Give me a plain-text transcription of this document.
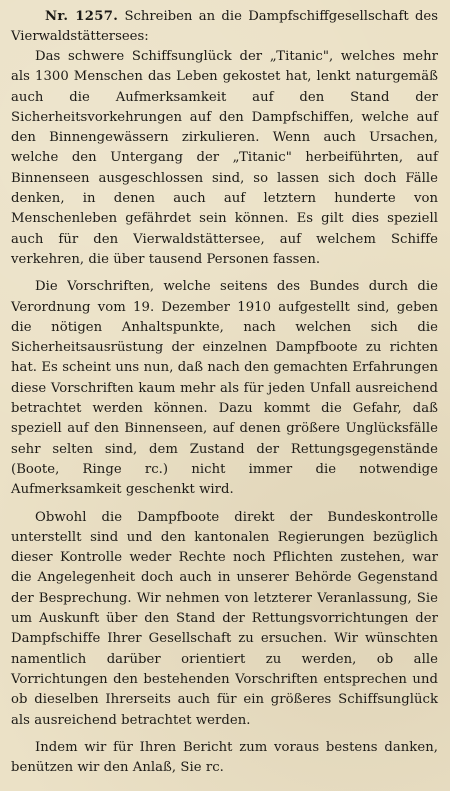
Nr. 1257. Schreiben an die Dampfschiffgesellschaft des Vierwaldstättersees:

Das schwere Schiffsunglück der „Titanic", welches mehr als 1300 Menschen das Leben gekostet hat, lenkt naturgemäß auch die Aufmerksamkeit auf den Stand der Sicherheitsvorkehrungen auf den Dampfschiffen, welche auf den Binnengewässern zirkulieren. Wenn auch Ursachen, welche den Untergang der „Titanic" herbeiführten, auf Binnenseen ausgeschlossen sind, so lassen sich doch Fälle denken, in denen auch auf letztern hunderte von Menschenleben gefährdet sein können. Es gilt dies speziell auch für den Vierwaldstättersee, auf welchem Schiffe verkehren, die über tausend Personen fassen.

Die Vorschriften, welche seitens des Bundes durch die Verordnung vom 19. Dezember 1910 aufgestellt sind, geben die nötigen Anhaltspunkte, nach welchen sich die Sicherheitsausrüstung der einzelnen Dampfboote zu richten hat. Es scheint uns nun, daß nach den gemachten Erfahrungen diese Vorschriften kaum mehr als für jeden Unfall ausreichend betrachtet werden können. Dazu kommt die Gefahr, daß speziell auf den Binnenseen, auf denen größere Unglücksfälle sehr selten sind, dem Zustand der Rettungsgegenstände (Boote, Ringe rc.) nicht immer die notwendige Aufmerksamkeit geschenkt wird.

Obwohl die Dampfboote direkt der Bundeskontrolle unterstellt sind und den kantonalen Regierungen bezüglich dieser Kontrolle weder Rechte noch Pflichten zustehen, war die Angelegenheit doch auch in unserer Behörde Gegenstand der Besprechung. Wir nehmen von letzterer Veranlassung, Sie um Auskunft über den Stand der Rettungsvorrichtungen der Dampfschiffe Ihrer Gesellschaft zu ersuchen. Wir wünschten namentlich darüber orientiert zu werden, ob alle Vorrichtungen den bestehenden Vorschriften entsprechen und ob dieselben Ihrerseits auch für ein größeres Schiffsunglück als ausreichend betrachtet werden.

Indem wir für Ihren Bericht zum voraus bestens danken, benützen wir den Anlaß, Sie rc.
